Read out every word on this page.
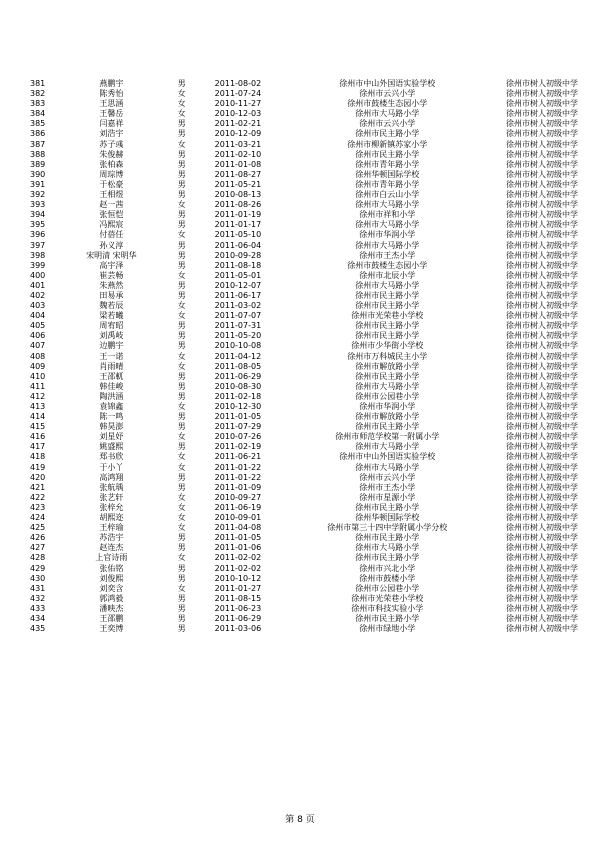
381	燕鹏宇	男	2011-08-02	徐州市中山外国语实验学校	徐州市树人初级中学
382	陈秀怡	女	2011-07-24	徐州市云兴小学	徐州市树人初级中学
383	王思涵	女	2010-11-27	徐州市鼓楼生态园小学	徐州市树人初级中学
384	王馨岳	女	2010-12-03	徐州市大马路小学	徐州市树人初级中学
385	闫嘉祥	男	2011-02-21	徐州市云兴小学	徐州市树人初级中学
386	刘浩宇	男	2010-12-09	徐州市民主路小学	徐州市树人初级中学
387	苏子彧	女	2011-03-21	徐州市柳新镇苏家小学	徐州市树人初级中学
388	朱俊赫	男	2011-02-10	徐州市民主路小学	徐州市树人初级中学
389	张柏森	男	2011-01-08	徐州市青年路小学	徐州市树人初级中学
390	周琮博	男	2011-08-27	徐州华顿国际学校	徐州市树人初级中学
391	于松豪	男	2011-05-21	徐州市青年路小学	徐州市树人初级中学
392	王相煜	男	2010-08-13	徐州市白云山小学	徐州市树人初级中学
393	赵一茜	女	2011-08-26	徐州市大马路小学	徐州市树人初级中学
394	张恒恺	男	2011-01-19	徐州市祥和小学	徐州市树人初级中学
395	冯熙宸	男	2011-01-17	徐州市大马路小学	徐州市树人初级中学
396	付蓓任	女	2011-05-10	徐州市华润小学	徐州市树人初级中学
397	孙义淳	男	2011-06-04	徐州市大马路小学	徐州市树人初级中学
398	宋明清 宋明华	男	2010-09-28	徐州市王杰小学	徐州市树人初级中学
399	高宇泽	男	2011-08-18	徐州市鼓楼生态园小学	徐州市树人初级中学
400	崔芸畅	女	2011-05-01	徐州市北辰小学	徐州市树人初级中学
401	朱燕然	男	2010-12-07	徐州市大马路小学	徐州市树人初级中学
402	田易承	男	2011-06-17	徐州市民主路小学	徐州市树人初级中学
403	魏若辰	女	2011-03-02	徐州市民主路小学	徐州市树人初级中学
404	梁若曦	女	2011-07-07	徐州市光荣巷小学校	徐州市树人初级中学
405	周宥昭	男	2011-07-31	徐州市民主路小学	徐州市树人初级中学
406	刘禹岐	男	2011-05-20	徐州市民主路小学	徐州市树人初级中学
407	边鹏宇	男	2010-10-08	徐州市少华街小学校	徐州市树人初级中学
408	王一诺	女	2011-04-12	徐州市万科城民主小学	徐州市树人初级中学
409	肖雨晴	女	2011-08-05	徐州市解放路小学	徐州市树人初级中学
410	王邵軏	男	2011-06-29	徐州市民主路小学	徐州市树人初级中学
411	韩佳峻	男	2010-08-30	徐州市大马路小学	徐州市树人初级中学
412	陶洪涵	男	2011-02-18	徐州市公园巷小学	徐州市树人初级中学
413	袁锦鑫	女	2010-12-30	徐州市华润小学	徐州市树人初级中学
414	陈一鸣	男	2011-01-05	徐州市解放路小学	徐州市树人初级中学
415	韩昊澎	男	2011-07-29	徐州市民主路小学	徐州市树人初级中学
416	刘星妤	女	2010-07-26	徐州市师范学校第一附属小学	徐州市树人初级中学
417	姚盛熙	男	2011-02-19	徐州市大马路小学	徐州市树人初级中学
418	郑书欣	女	2011-06-21	徐州市中山外国语实验学校	徐州市树人初级中学
419	于小丫	女	2011-01-22	徐州市大马路小学	徐州市树人初级中学
420	高鸿翔	男	2011-01-22	徐州市云兴小学	徐州市树人初级中学
421	张航瑀	男	2011-01-09	徐州市王杰小学	徐州市树人初级中学
422	张艺轩	女	2010-09-27	徐州市星源小学	徐州市树人初级中学
423	张梓允	女	2011-06-19	徐州市民主路小学	徐州市树人初级中学
424	胡熙迩	女	2010-09-01	徐州华顿国际学校	徐州市树人初级中学
425	王梓瑜	女	2011-04-08	徐州市第三十四中学附属小学分校	徐州市树人初级中学
426	苏浩宇	男	2011-01-05	徐州市民主路小学	徐州市树人初级中学
427	赵连杰	男	2011-01-06	徐州市大马路小学	徐州市树人初级中学
428	上官诗雨	女	2011-02-02	徐州市民主路小学	徐州市树人初级中学
429	张佑铭	男	2011-02-02	徐州市兴北小学	徐州市树人初级中学
430	刘俊熙	男	2010-10-12	徐州市鼓楼小学	徐州市树人初级中学
431	刘奕含	女	2011-01-27	徐州市公园巷小学	徐州市树人初级中学
432	郭鸿毅	男	2011-08-15	徐州市光荣巷小学校	徐州市树人初级中学
433	潘映杰	男	2011-06-23	徐州市科技实验小学	徐州市树人初级中学
434	王邵鹏	男	2011-06-29	徐州市民主路小学	徐州市树人初级中学
435	王奕博	男	2011-03-06	徐州市绿地小学	徐州市树人初级中学
第 8 页
